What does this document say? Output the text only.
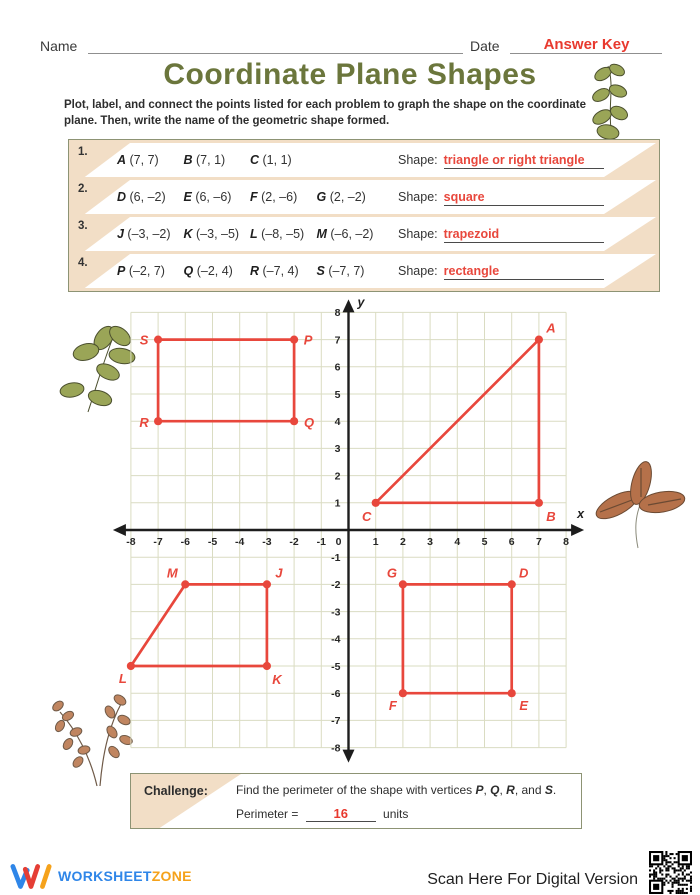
Name	Date	Answer Key
Coordinate Plane Shapes

Plot, label, and connect the points listed for each problem to graph the shape on the coordinate plane. Then, write the name of the geometric shape formed.

1.
A (7, 7) B (7, 1) C (1, 1)	Shape: triangle or right triangle
2.
D (6, –2) E (6, –6) F (2, –6) G (2, –2)	Shape: square
3.
J (–3, –2) K (–3, –5) L (–8, –5) M (–6, –2) Shape: trapezoid
4.
P (–2, 7) Q (–2, 4) R (–7, 4) S (–7, 7)	Shape: rectangle
x
y
-8 -7 -6 -5 -4 -3 -2 -1	1 2 3 4 5 6 7 8
-8
-7
-6
-5
-4
-3
-2
-1
1
2
3
4
5
6
7
8
0
A
B
C
S	P
Q
R
M	J
K
L
G	D
E
F
Challenge: Find the perimeter of the shape with vertices P, Q, R, and S.
Perimeter =	16	units
WORKSHEETZONE	Scan Here For Digital Version
